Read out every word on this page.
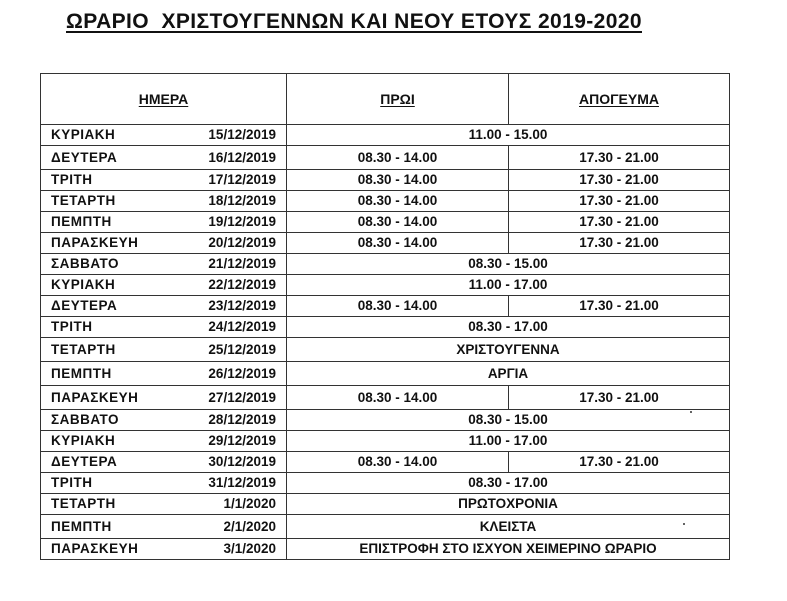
ΩΡΑΡΙΟ  ΧΡΙΣΤΟΥΓΕΝΝΩΝ ΚΑΙ ΝΕΟΥ ΕΤΟΥΣ 2019-2020
ΗΜΕΡΑ	ΠΡΩΙ	ΑΠΟΓΕΥΜΑ

ΚΥΡΙΑΚΗ 15/12/2019	11.00 - 15.00	

ΔΕΥΤΕΡΑ 16/12/2019	08.30 - 14.00	17.30 - 21.00

ΤΡΙΤΗ 17/12/2019	08.30 - 14.00	17.30 - 21.00

ΤΕΤΑΡΤΗ 18/12/2019	08.30 - 14.00	17.30 - 21.00

ΠΕΜΠΤΗ 19/12/2019	08.30 - 14.00	17.30 - 21.00

ΠΑΡΑΣΚΕΥΗ 20/12/2019	08.30 - 14.00	17.30 - 21.00

ΣΑΒΒΑΤΟ 21/12/2019	08.30 - 15.00	

ΚΥΡΙΑΚΗ 22/12/2019	11.00 - 17.00	

ΔΕΥΤΕΡΑ 23/12/2019	08.30 - 14.00	17.30 - 21.00

ΤΡΙΤΗ 24/12/2019	08.30 - 17.00	

ΤΕΤΑΡΤΗ 25/12/2019	ΧΡΙΣΤΟΥΓΕΝΝΑ	

ΠΕΜΠΤΗ 26/12/2019	ΑΡΓΙΑ	

ΠΑΡΑΣΚΕΥΗ 27/12/2019	08.30 - 14.00	17.30 - 21.00

ΣΑΒΒΑΤΟ 28/12/2019	08.30 - 15.00	

ΚΥΡΙΑΚΗ 29/12/2019	11.00 - 17.00	

ΔΕΥΤΕΡΑ 30/12/2019	08.30 - 14.00	17.30 - 21.00

ΤΡΙΤΗ 31/12/2019	08.30 - 17.00	

ΤΕΤΑΡΤΗ 1/1/2020	ΠΡΩΤΟΧΡΟΝΙΑ	

ΠΕΜΠΤΗ 2/1/2020	ΚΛΕΙΣΤΑ	

ΠΑΡΑΣΚΕΥΗ 3/1/2020	ΕΠΙΣΤΡΟΦΗ ΣΤΟ ΙΣΧΥΟΝ ΧΕΙΜΕΡΙΝΟ ΩΡΑΡΙΟ	
